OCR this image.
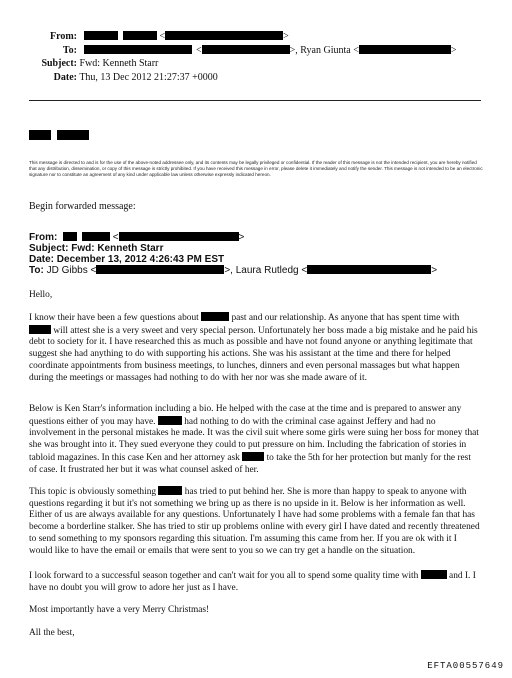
From:	<	>
To:	<	>, Ryan Giunta <	>
Subject: Fwd: Kenneth Starr
Date: Thu, 13 Dec 2012 21:27:37 +0000

This message is directed to and is for the use of the above-noted addressee only, and its contents may be legally privileged or confidential. If the reader of this message is not the intended recipient, you are hereby notified that any distribution, dissemination, or copy of this message is strictly prohibited. If you have received this message in error, please delete it immediately and notify the sender. This message is not intended to be an electronic signature nor to constitute an agreement of any kind under applicable law unless otherwise expressly indicated hereon.
Begin forwarded message:
From:	<	>
Subject: Fwd: Kenneth Starr
Date: December 13, 2012 4:26:43 PM EST
To: JD Gibbs <	>, Laura Rutledg <	>
Hello,
I know their have been a few questions about	past and our relationship. As anyone that has spent time with  will attest she is a very sweet and very special person. Unfortunately her boss made a big mistake and he paid his debt to society for it. I have researched this as much as possible and have not found anyone or anything legitimate that suggest she had anything to do with supporting his actions. She was his assistant at the time and there for helped coordinate appointments from business meetings, to lunches, dinners and even personal massages but what happen during the meetings or massages had nothing to do with her nor was she made aware of it.
Below is Ken Starr's information including a bio. He helped with the case at the time and is prepared to answer any questions either of you may have.	had nothing to do with the criminal case against Jeffery and had no involvement in the personal mistakes he made. It was the civil suit where some girls were suing her boss for money that she was brought into it. They sued everyone they could to put pressure on him. Including the fabrication of stories in tabloid magazines. In this case Ken and her attorney ask	to take the 5th for her protection but manly for the rest of case. It frustrated her but it was what counsel asked of her.
This topic is obviously something	has tried to put behind her. She is more than happy to speak to anyone with questions regarding it but it's not something we bring up as there is no upside in it. Below is her information as well. Either of us are always available for any questions. Unfortunately I have had some problems with a female fan that has become a borderline stalker. She has tried to stir up problems online with every girl I have dated and recently threatened to send something to my sponsors regarding this situation. I'm assuming this came from her. If you are ok with it I would like to have the email or emails that were sent to you so we can try get a handle on the situation.
I look forward to a successful season together and can't wait for you all to spend some quality time with	and I. I have no doubt you will grow to adore her just as I have.
Most importantly have a very Merry Christmas!
All the best,
EFTA00557649
